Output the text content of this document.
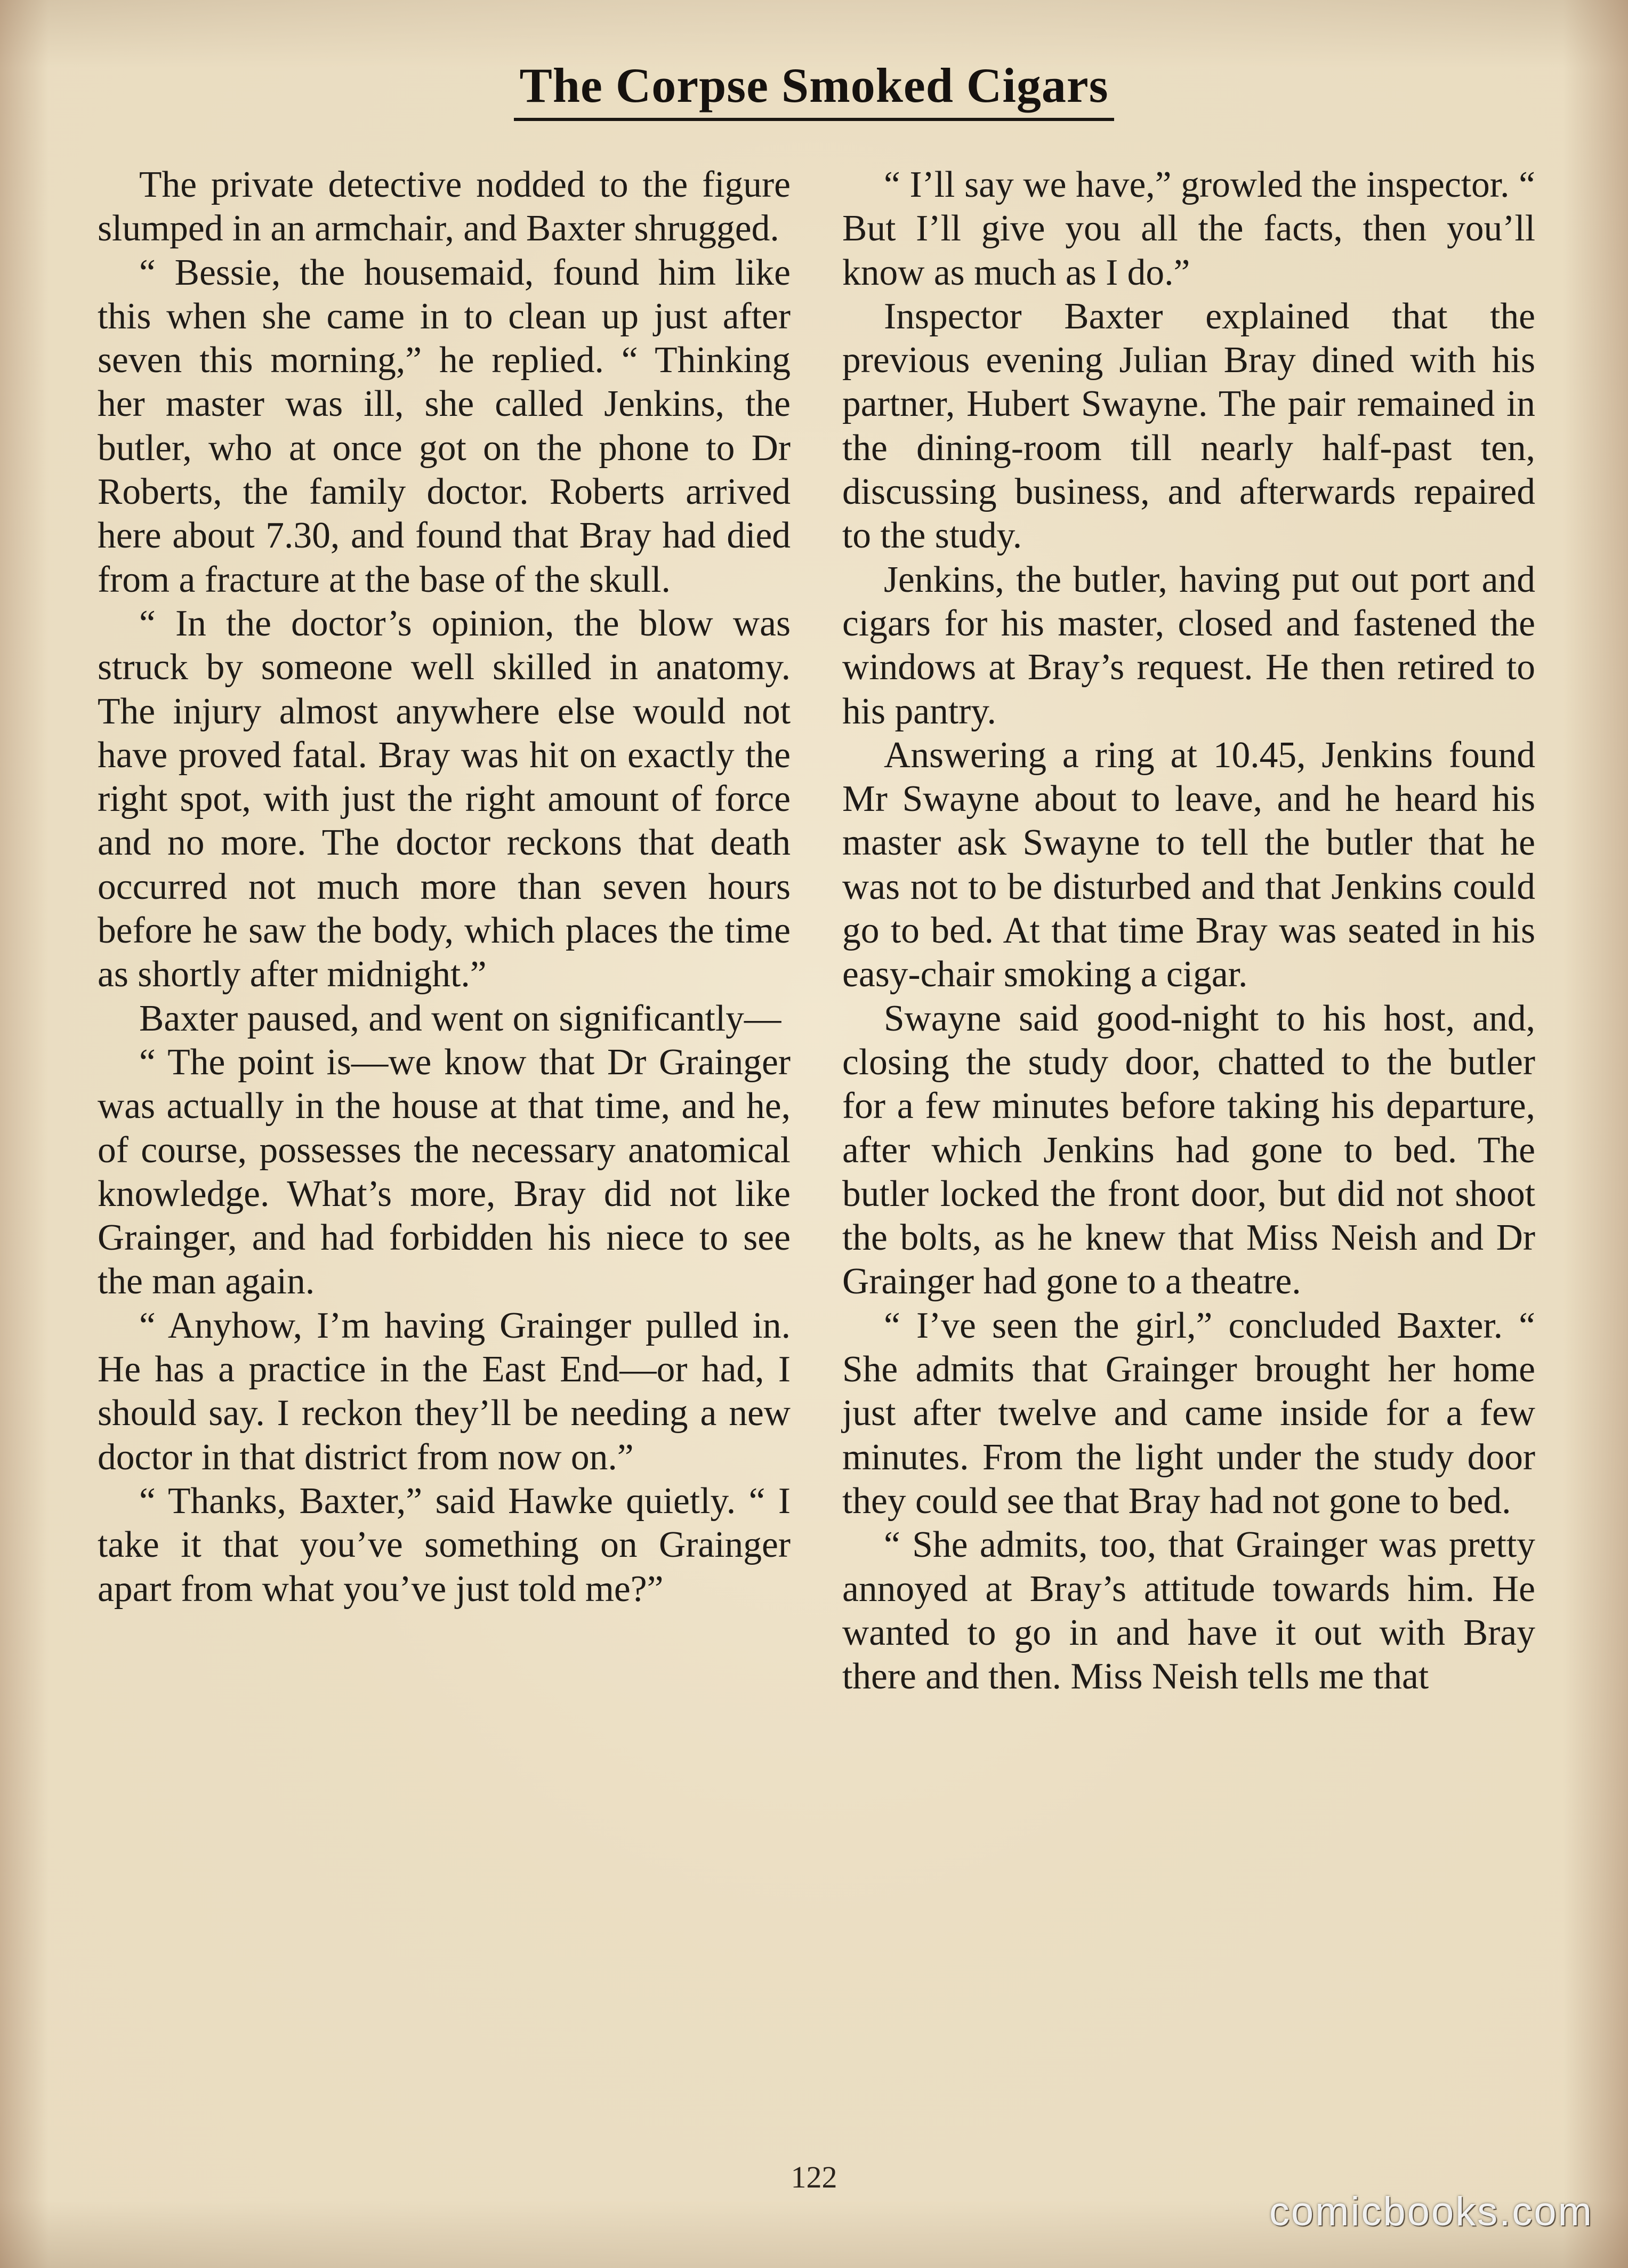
The Corpse Smoked Cigars

The private detective nodded to the figure slumped in an armchair, and Baxter shrugged.

“ Bessie, the housemaid, found him like this when she came in to clean up just after seven this morning,” he replied. “ Thinking her master was ill, she called Jenkins, the butler, who at once got on the phone to Dr Roberts, the family doctor. Roberts arrived here about 7.30, and found that Bray had died from a fracture at the base of the skull.

“ In the doctor’s opinion, the blow was struck by someone well skilled in anatomy. The injury almost anywhere else would not have proved fatal. Bray was hit on exactly the right spot, with just the right amount of force and no more. The doctor reckons that death occurred not much more than seven hours before he saw the body, which places the time as shortly after midnight.”

Baxter paused, and went on significantly—

“ The point is—we know that Dr Grainger was actually in the house at that time, and he, of course, possesses the necessary anatomical knowledge. What’s more, Bray did not like Grainger, and had forbidden his niece to see the man again.

“ Anyhow, I’m having Grainger pulled in. He has a practice in the East End—or had, I should say. I reckon they’ll be needing a new doctor in that district from now on.”

“ Thanks, Baxter,” said Hawke quietly. “ I take it that you’ve something on Grainger apart from what you’ve just told me?”

“ I’ll say we have,” growled the inspector. “ But I’ll give you all the facts, then you’ll know as much as I do.”

Inspector Baxter explained that the previous evening Julian Bray dined with his partner, Hubert Swayne. The pair remained in the dining-room till nearly half-past ten, discussing business, and afterwards repaired to the study.

Jenkins, the butler, having put out port and cigars for his master, closed and fastened the windows at Bray’s request. He then retired to his pantry.

Answering a ring at 10.45, Jenkins found Mr Swayne about to leave, and he heard his master ask Swayne to tell the butler that he was not to be disturbed and that Jenkins could go to bed. At that time Bray was seated in his easy-chair smoking a cigar.

Swayne said good-night to his host, and, closing the study door, chatted to the butler for a few minutes before taking his departure, after which Jenkins had gone to bed. The butler locked the front door, but did not shoot the bolts, as he knew that Miss Neish and Dr Grainger had gone to a theatre.

“ I’ve seen the girl,” concluded Baxter. “ She admits that Grainger brought her home just after twelve and came inside for a few minutes. From the light under the study door they could see that Bray had not gone to bed.

“ She admits, too, that Grainger was pretty annoyed at Bray’s attitude towards him. He wanted to go in and have it out with Bray there and then. Miss Neish tells me that

122
comicbooks.com
